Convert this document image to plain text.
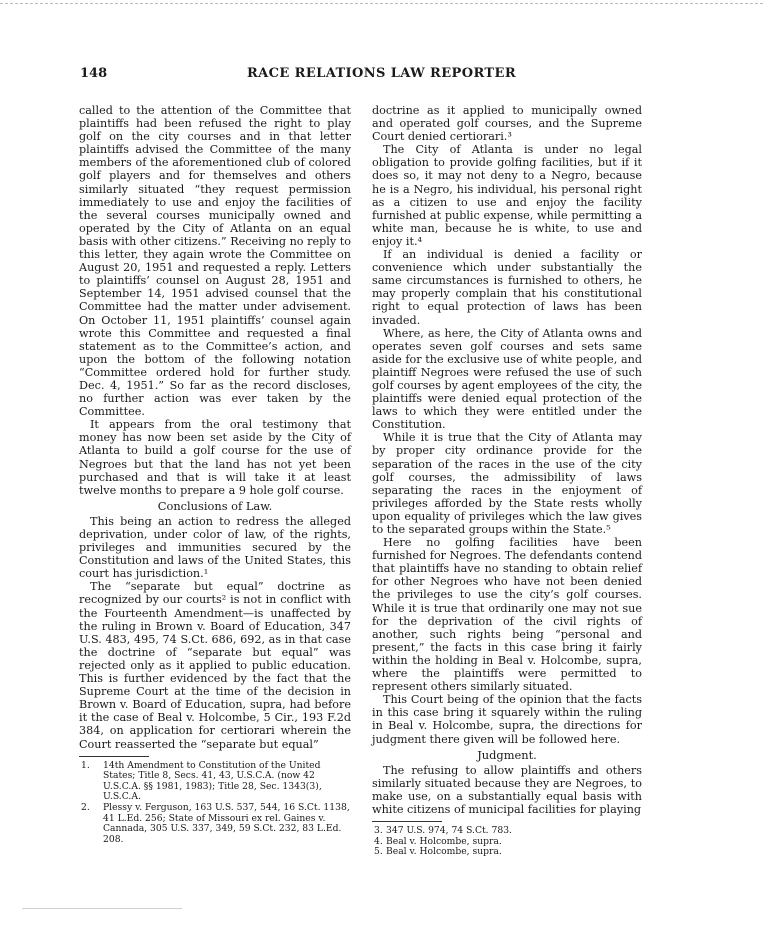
148	RACE RELATIONS LAW REPORTER

called to the attention of the Committee that plaintiffs had been refused the right to play golf on the city courses and in that letter plaintiffs advised the Committee of the many members of the aforementioned club of colored golf players and for themselves and others similarly situated “they request permission immediately to use and enjoy the facilities of the several courses municipally owned and operated by the City of Atlanta on an equal basis with other citizens.” Receiving no reply to this letter, they again wrote the Committee on August 20, 1951 and requested a reply. Letters to plaintiffs’ counsel on August 28, 1951 and September 14, 1951 advised counsel that the Committee had the matter under advisement. On October 11, 1951 plaintiffs’ counsel again wrote this Committee and requested a final statement as to the Committee’s action, and upon the bottom of the following notation “Committee ordered hold for further study. Dec. 4, 1951.” So far as the record discloses, no further action was ever taken by the Committee.

It appears from the oral testimony that money has now been set aside by the City of Atlanta to build a golf course for the use of Negroes but that the land has not yet been purchased and that is will take it at least twelve months to prepare a 9 hole golf course.

Conclusions of Law.

This being an action to redress the alleged deprivation, under color of law, of the rights, privileges and immunities secured by the Constitution and laws of the United States, this court has jurisdiction.¹

The “separate but equal” doctrine as recognized by our courts² is not in conflict with the Fourteenth Amendment—is unaffected by the ruling in Brown v. Board of Education, 347 U.S. 483, 495, 74 S.Ct. 686, 692, as in that case the doctrine of “separate but equal” was rejected only as it applied to public education. This is further evidenced by the fact that the Supreme Court at the time of the decision in Brown v. Board of Education, supra, had before it the case of Beal v. Holcombe, 5 Cir., 193 F.2d 384, on application for certiorari wherein the Court reasserted the “separate but equal”

1. 14th Amendment to Constitution of the United States; Title 8, Secs. 41, 43, U.S.C.A. (now 42 U.S.C.A. §§ 1981, 1983); Title 28, Sec. 1343(3), U.S.C.A.
2. Plessy v. Ferguson, 163 U.S. 537, 544, 16 S.Ct. 1138, 41 L.Ed. 256; State of Missouri ex rel. Gaines v. Cannada, 305 U.S. 337, 349, 59 S.Ct. 232, 83 L.Ed. 208.

doctrine as it applied to municipally owned and operated golf courses, and the Supreme Court denied certiorari.³

The City of Atlanta is under no legal obligation to provide golfing facilities, but if it does so, it may not deny to a Negro, because he is a Negro, his individual, his personal right as a citizen to use and enjoy the facility furnished at public expense, while permitting a white man, because he is white, to use and enjoy it.⁴

If an individual is denied a facility or convenience which under substantially the same circumstances is furnished to others, he may properly complain that his constitutional right to equal protection of laws has been invaded.

Where, as here, the City of Atlanta owns and operates seven golf courses and sets same aside for the exclusive use of white people, and plaintiff Negroes were refused the use of such golf courses by agent employees of the city, the plaintiffs were denied equal protection of the laws to which they were entitled under the Constitution.

While it is true that the City of Atlanta may by proper city ordinance provide for the separation of the races in the use of the city golf courses, the admissibility of laws separating the races in the enjoyment of privileges afforded by the State rests wholly upon equality of privileges which the law gives to the separated groups within the State.⁵

Here no golfing facilities have been furnished for Negroes. The defendants contend that plaintiffs have no standing to obtain relief for other Negroes who have not been denied the privileges to use the city’s golf courses. While it is true that ordinarily one may not sue for the deprivation of the civil rights of another, such rights being “personal and present,” the facts in this case bring it fairly within the holding in Beal v. Holcombe, supra, where the plaintiffs were permitted to represent others similarly situated.

This Court being of the opinion that the facts in this case bring it squarely within the ruling in Beal v. Holcombe, supra, the directions for judgment there given will be followed here.

Judgment.

The refusing to allow plaintiffs and others similarly situated because they are Negroes, to make use, on a substantially equal basis with white citizens of municipal facilities for playing

3. 347 U.S. 974, 74 S.Ct. 783.
4. Beal v. Holcombe, supra.
5. Beal v. Holcombe, supra.
